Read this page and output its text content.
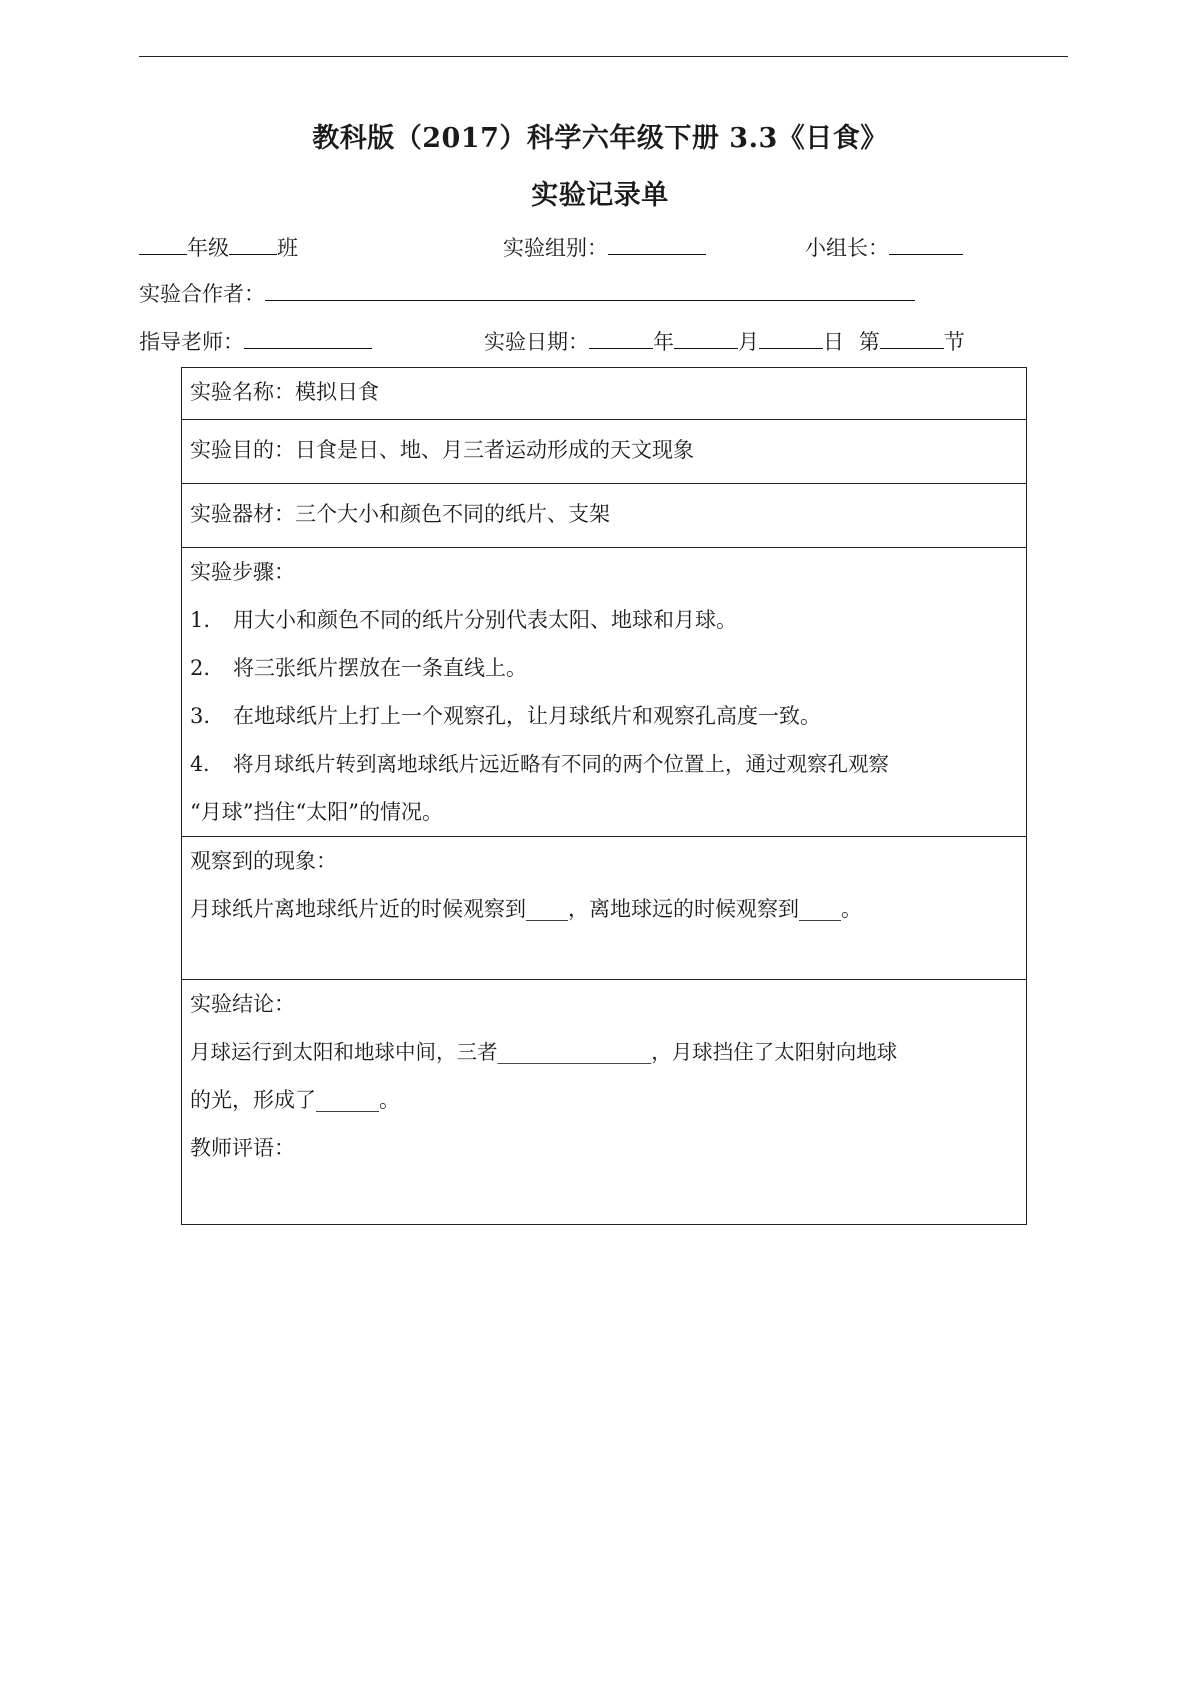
教科版（2017）科学六年级下册 3.3《日食》
实验记录单
年级 班	实验组别：	小组长：
实验合作者：
指导老师：	实验日期：	年	月	日 第	节
实验名称：模拟日食
实验目的：日食是日、地、月三者运动形成的天文现象
实验器材：三个大小和颜色不同的纸片、支架

实验步骤：
1. 用大小和颜色不同的纸片分别代表太阳、地球和月球。
2. 将三张纸片摆放在一条直线上。
3. 在地球纸片上打上一个观察孔，让月球纸片和观察孔高度一致。
4. 将月球纸片转到离地球纸片远近略有不同的两个位置上，通过观察孔观察
“月球”挡住“太阳”的情况。

观察到的现象：
月球纸片离地球纸片近的时候观察到____，离地球远的时候观察到____。

实验结论：
月球运行到太阳和地球中间，三者_______________，月球挡住了太阳射向地球
的光，形成了______。
教师评语：
